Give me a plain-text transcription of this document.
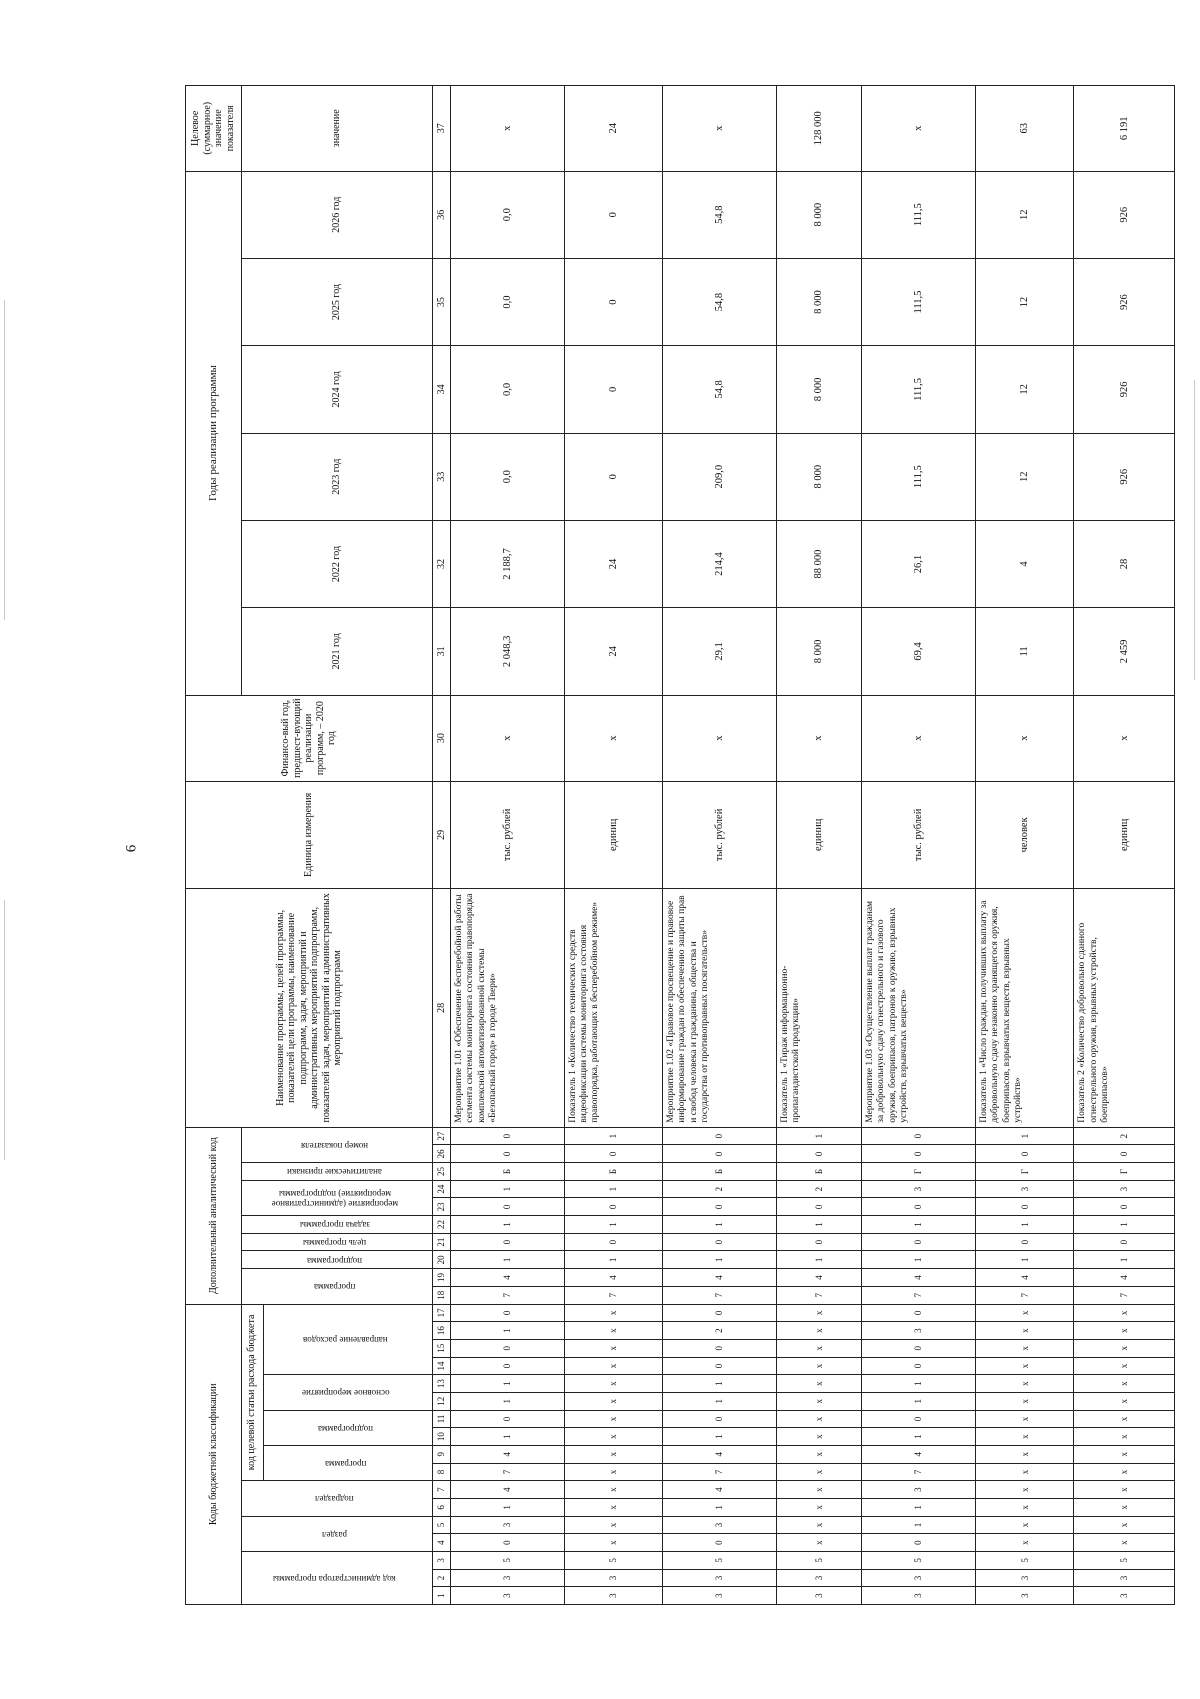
6
Коды бюджетной классификации																	Дополнительный аналитический код										Наименование программы, целей программы, показателей цели программы, наименование подпрограмм, задач, мероприятий и административных мероприятий подпрограмм, показателей задач, мероприятий и административных мероприятий подпрограмм	Единица измерения	Финансо-вый год, предшест-вующий реализации программ, – 2020 год	Годы реализации программы						Целевое (суммарное) значение показателя
код администратора программы			раздел		подраздел		код целевой статьи расхода бюджета										программа		подпрограмма	цель программы	задача программы	мероприятие (административное мероприятие) подпрограммы		аналитические признаки	номер показателя					2021 год	2022 год	2023 год	2024 год	2025 год	2026 год	значение
							программа		подпрограмма		основное мероприятие		направление расходов																							
1	2	3	4	5	6	7	8	9	10	11	12	13	14	15	16	17	18	19	20	21	22	23	24	25	26	27	28	29	30	31	32	33	34	35	36	37
3	3	5	0	3	1	4	7	4	1	0	1	1	0	0	1	0	7	4	1	0	1	0	1	Б	0	0	Мероприятие 1.01 «Обеспечение бесперебойной работы сегмента системы мониторинга состояния правопорядка комплексной автоматизированной системы «Безопасный город» в городе Твери»	тыс. рублей	х	2 048,3	2 188,7	0,0	0,0	0,0	0,0	х
3	3	5	х	х	х	х	х	х	х	х	х	х	х	х	х	х	7	4	1	0	1	0	1	Б	0	1	Показатель 1 «Количество технических средств видеофиксации системы мониторинга состояния правопорядка, работающих в бесперебойном режиме»	единиц	х	24	24	0	0	0	0	24
3	3	5	0	3	1	4	7	4	1	0	1	1	0	0	2	0	7	4	1	0	1	0	2	Б	0	0	Мероприятие 1.02 «Правовое просвещение и правовое информирование граждан по обеспечению защиты прав и свобод человека и гражданина, общества и государства от противоправных посягательств»	тыс. рублей	х	29,1	214,4	209,0	54,8	54,8	54,8	х
3	3	5	х	х	х	х	х	х	х	х	х	х	х	х	х	х	7	4	1	0	1	0	2	Б	0	1	Показатель 1 «Тираж информационно-пропагандистской продукции»	единиц	х	8 000	88 000	8 000	8 000	8 000	8 000	128 000
3	3	5	0	1	1	3	7	4	1	0	1	1	0	0	3	0	7	4	1	0	1	0	3	Г	0	0	Мероприятие 1.03 «Осуществление выплат гражданам за добровольную сдачу огнестрельного и газового оружия, боеприпасов, патронов к оружию, взрывных устройств, взрывчатых веществ»	тыс. рублей	х	69,4	26,1	111,5	111,5	111,5	111,5	х
3	3	5	х	х	х	х	х	х	х	х	х	х	х	х	х	х	7	4	1	0	1	0	3	Г	0	1	Показатель 1 «Число граждан, получивших выплату за добровольную сдачу незаконно хранящегося оружия, боеприпасов, взрывчатых веществ, взрывных устройств»	человек	х	11	4	12	12	12	12	63
3	3	5	х	х	х	х	х	х	х	х	х	х	х	х	х	х	7	4	1	0	1	0	3	Г	0	2	Показатель 2 «Количество добровольно сданного огнестрельного оружия, взрывных устройств, боеприпасов»	единиц	х	2 459	28	926	926	926	926	6 191
